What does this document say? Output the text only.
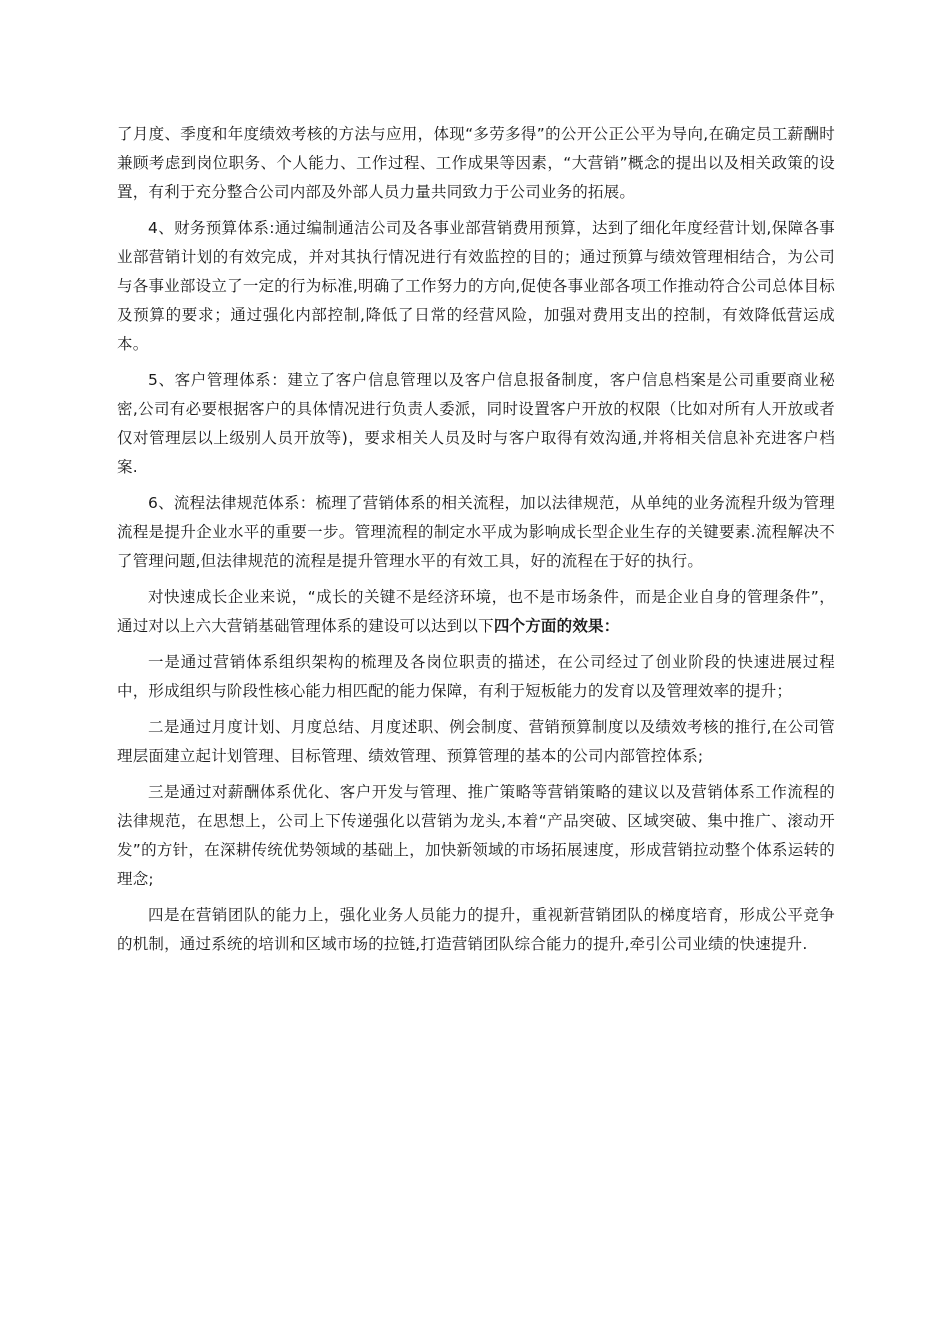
了月度、季度和年度绩效考核的方法与应用，体现“多劳多得”的公开公正公平为导向,在确定员工薪酬时兼顾考虑到岗位职务、个人能力、工作过程、工作成果等因素，“大营销”概念的提出以及相关政策的设置，有利于充分整合公司内部及外部人员力量共同致力于公司业务的拓展。

4、财务预算体系:通过编制通洁公司及各事业部营销费用预算，达到了细化年度经营计划,保障各事业部营销计划的有效完成，并对其执行情况进行有效监控的目的；通过预算与绩效管理相结合，为公司与各事业部设立了一定的行为标准,明确了工作努力的方向,促使各事业部各项工作推动符合公司总体目标及预算的要求；通过强化内部控制,降低了日常的经营风险，加强对费用支出的控制，有效降低营运成本。

5、客户管理体系：建立了客户信息管理以及客户信息报备制度，客户信息档案是公司重要商业秘密,公司有必要根据客户的具体情况进行负责人委派，同时设置客户开放的权限（比如对所有人开放或者仅对管理层以上级别人员开放等)，要求相关人员及时与客户取得有效沟通,并将相关信息补充进客户档案.

6、流程法律规范体系：梳理了营销体系的相关流程，加以法律规范，从单纯的业务流程升级为管理流程是提升企业水平的重要一步。管理流程的制定水平成为影响成长型企业生存的关键要素.流程解决不了管理问题,但法律规范的流程是提升管理水平的有效工具，好的流程在于好的执行。

对快速成长企业来说，“成长的关键不是经济环境，也不是市场条件，而是企业自身的管理条件”，通过对以上六大营销基础管理体系的建设可以达到以下四个方面的效果：

一是通过营销体系组织架构的梳理及各岗位职责的描述，在公司经过了创业阶段的快速进展过程中，形成组织与阶段性核心能力相匹配的能力保障，有利于短板能力的发育以及管理效率的提升；

二是通过月度计划、月度总结、月度述职、例会制度、营销预算制度以及绩效考核的推行,在公司管理层面建立起计划管理、目标管理、绩效管理、预算管理的基本的公司内部管控体系;

三是通过对薪酬体系优化、客户开发与管理、推广策略等营销策略的建议以及营销体系工作流程的法律规范，在思想上，公司上下传递强化以营销为龙头,本着“产品突破、区域突破、集中推广、滚动开发”的方针，在深耕传统优势领域的基础上，加快新领域的市场拓展速度，形成营销拉动整个体系运转的理念;

四是在营销团队的能力上，强化业务人员能力的提升，重视新营销团队的梯度培育，形成公平竞争的机制，通过系统的培训和区域市场的拉链,打造营销团队综合能力的提升,牵引公司业绩的快速提升.
